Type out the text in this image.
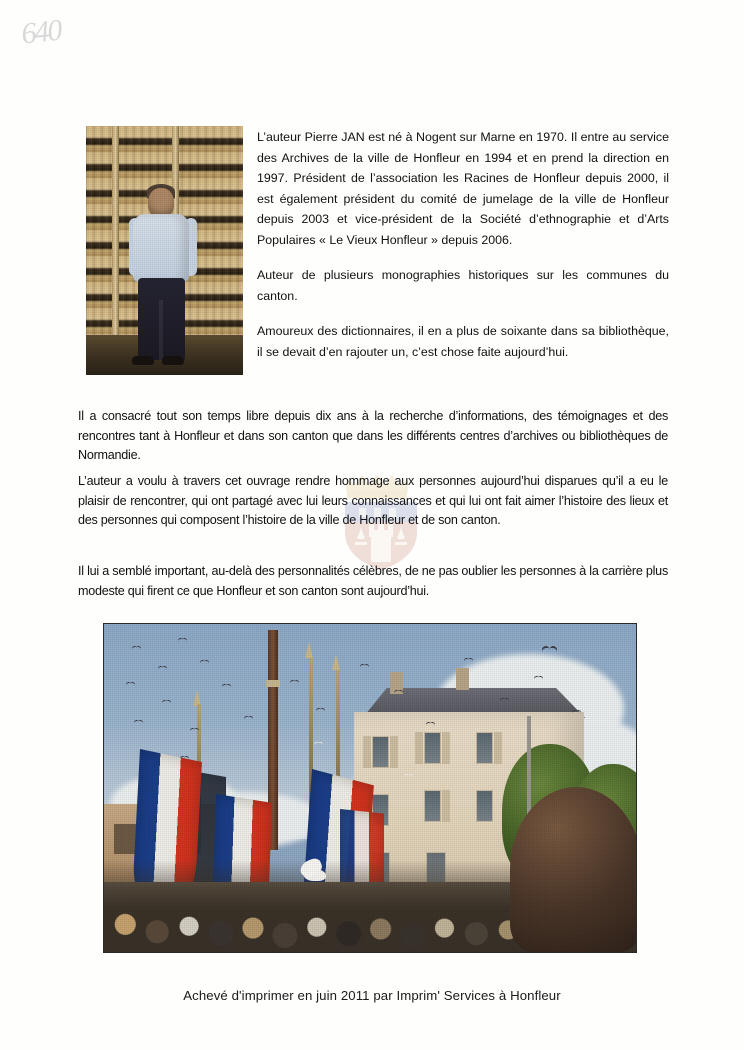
640

L’auteur Pierre JAN est né à Nogent sur Marne en 1970. Il entre au service des Archives de la ville de Honfleur en 1994 et en prend la direction en 1997. Président de l’association les Racines de Honfleur depuis 2000, il est également président du comité de jumelage de la ville de Honfleur depuis 2003 et vice-président de la Société d’ethnographie et d’Arts Populaires « Le Vieux Honfleur » depuis 2006.

Auteur de plusieurs monographies historiques sur les communes du canton.

Amoureux des dictionnaires, il en a plus de soixante dans sa bibliothèque, il se devait d’en rajouter un, c’est chose faite aujourd’hui.

Il a consacré tout son temps libre depuis dix ans à la recherche d’informations, des témoignages et des rencontres tant à Honfleur et dans son canton que dans les différents centres d’archives ou bibliothèques de Normandie.

L’auteur a voulu à travers cet ouvrage rendre hommage aux personnes aujourd’hui disparues qu’il a eu le plaisir de rencontrer, qui ont partagé avec lui leurs connaissances et qui lui ont fait aimer l’histoire des lieux et des personnes qui composent l’histoire de la ville de Honfleur et de son canton.

Il lui a semblé important, au-delà des personnalités célèbres, de ne pas oublier les personnes à la carrière plus modeste qui firent ce que Honfleur et son canton sont aujourd’hui.

Achevé d'imprimer en juin 2011 par Imprim' Services à Honfleur
